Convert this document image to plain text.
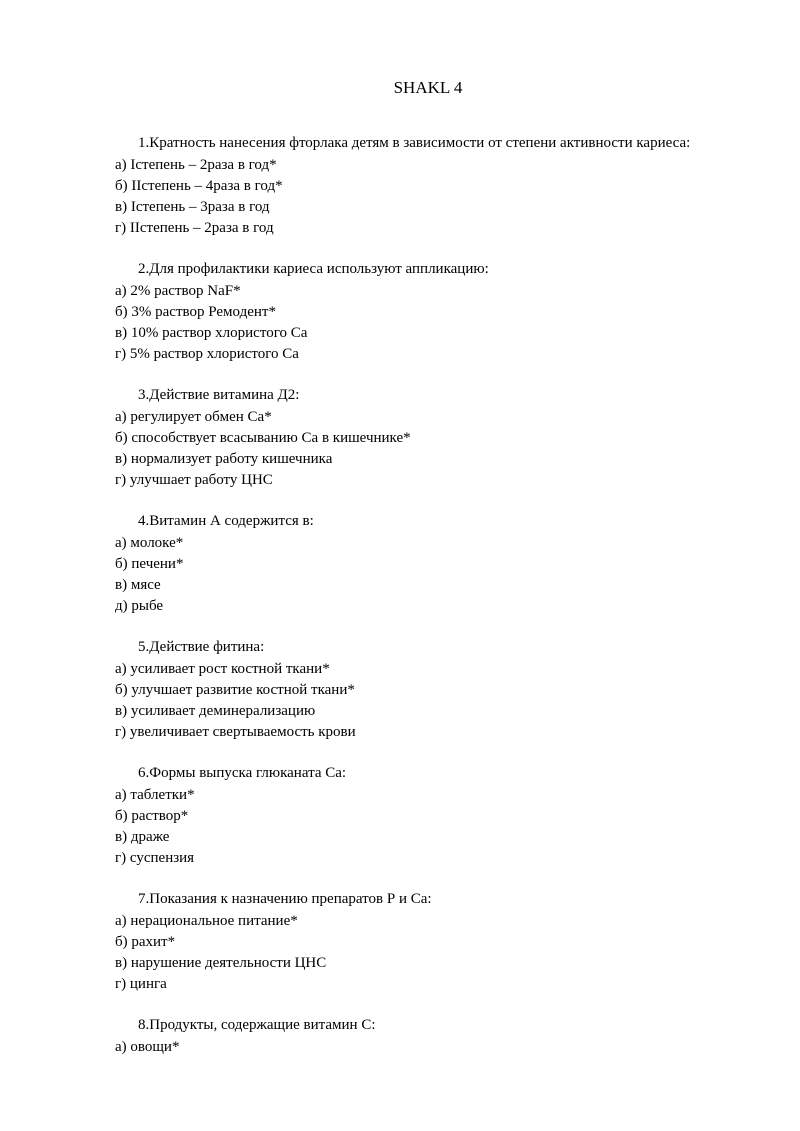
SHAKL 4
1.Кратность нанесения фторлака детям в зависимости от степени активности кариеса:
а) Iстепень – 2раза в год*
б) IIстепень – 4раза в год*
в) Iстепень – 3раза в год
г) IIстепень – 2раза в год
2.Для профилактики кариеса используют аппликацию:
а) 2% раствор NaF*
б) 3% раствор Ремодент*
в) 10% раствор хлористого Са
г) 5% раствор хлористого Са
3.Действие витамина Д2:
а) регулирует обмен Са*
б) способствует всасыванию Са в кишечнике*
в) нормализует работу кишечника
г) улучшает работу ЦНС
4.Витамин А содержится в:
а) молоке*
б) печени*
в) мясе
д) рыбе
5.Действие фитина:
а) усиливает рост костной ткани*
б) улучшает развитие костной ткани*
в) усиливает деминерализацию
г) увеличивает свертываемость крови
6.Формы выпуска глюканата Са:
а) таблетки*
б) раствор*
в) драже
г) суспензия
7.Показания к назначению препаратов Р и Са:
а) нерациональное питание*
б) рахит*
в) нарушение деятельности ЦНС
г) цинга
8.Продукты, содержащие витамин С:
а) овощи*
